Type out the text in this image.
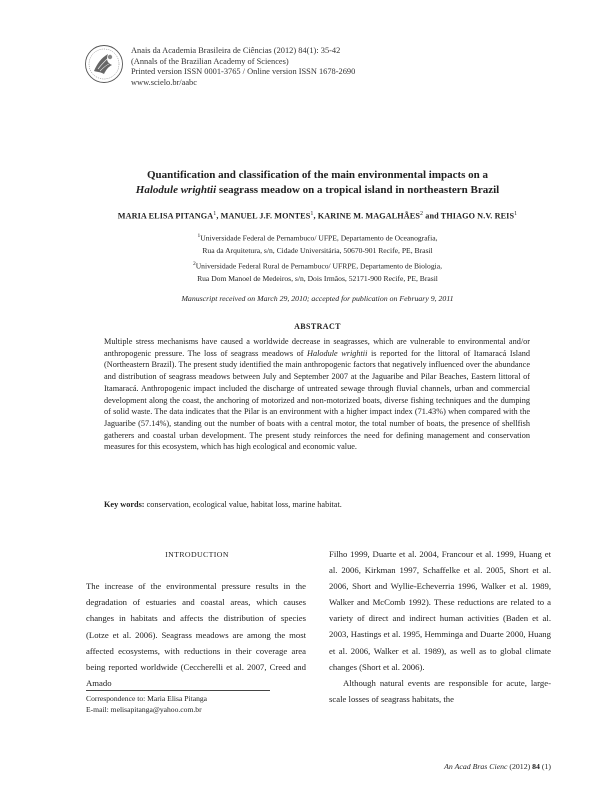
Anais da Academia Brasileira de Ciências (2012) 84(1): 35-42
(Annals of the Brazilian Academy of Sciences)
Printed version ISSN 0001-3765 / Online version ISSN 1678-2690
www.scielo.br/aabc
Quantification and classification of the main environmental impacts on a
Halodule wrightii seagrass meadow on a tropical island in northeastern Brazil
MARIA ELISA PITANGA$^1$, MANUEL J.F. MONTES$^1$, KARINE M. MAGALHÃES$^2$ and THIAGO N.V. REIS$^1$
$^1$Universidade Federal de Pernambuco/ UFPE, Departamento de Oceanografia,
Rua da Arquitetura, s/n, Cidade Universitária, 50670-901 Recife, PE, Brasil
$^2$Universidade Federal Rural de Pernambuco/ UFRPE, Departamento de Biologia,
Rua Dom Manoel de Medeiros, s/n, Dois Irmãos, 52171-900 Recife, PE, Brasil
Manuscript received on March 29, 2010; accepted for publication on February 9, 2011
ABSTRACT
Multiple stress mechanisms have caused a worldwide decrease in seagrasses, which are vulnerable to environmental and/or anthropogenic pressure. The loss of seagrass meadows of Halodule wrightii is reported for the littoral of Itamaracá Island (Northeastern Brazil). The present study identified the main anthropogenic factors that negatively influenced over the abundance and distribution of seagrass meadows between July and September 2007 at the Jaguaribe and Pilar Beaches, Eastern littoral of Itamaracá. Anthropogenic impact included the discharge of untreated sewage through fluvial channels, urban and commercial development along the coast, the anchoring of motorized and non-motorized boats, diverse fishing techniques and the dumping of solid waste. The data indicates that the Pilar is an environment with a higher impact index (71.43%) when compared with the Jaguaribe (57.14%), standing out the number of boats with a central motor, the total number of boats, the presence of shellfish gatherers and coastal urban development. The present study reinforces the need for defining management and conservation measures for this ecosystem, which has high ecological and economic value.
Key words: conservation, ecological value, habitat loss, marine habitat.
INTRODUCTION
The increase of the environmental pressure results in the degradation of estuaries and coastal areas, which causes changes in habitats and affects the distribution of species (Lotze et al. 2006). Seagrass meadows are among the most affected ecosystems, with reductions in their coverage area being reported worldwide (Ceccherelli et al. 2007, Creed and Amado

Filho 1999, Duarte et al. 2004, Francour et al. 1999, Huang et al. 2006, Kirkman 1997, Schaffelke et al. 2005, Short et al. 2006, Short and Wyllie-Echeverria 1996, Walker et al. 1989, Walker and McComb 1992). These reductions are related to a variety of direct and indirect human activities (Baden et al. 2003, Hastings et al. 1995, Hemminga and Duarte 2000, Huang et al. 2006, Walker et al. 1989), as well as to global climate changes (Short et al. 2006).

Although natural events are responsible for acute, large-scale losses of seagrass habitats, the

Correspondence to: Maria Elisa Pitanga
E-mail: melisapitanga@yahoo.com.br
An Acad Bras Cienc (2012) 84 (1)
